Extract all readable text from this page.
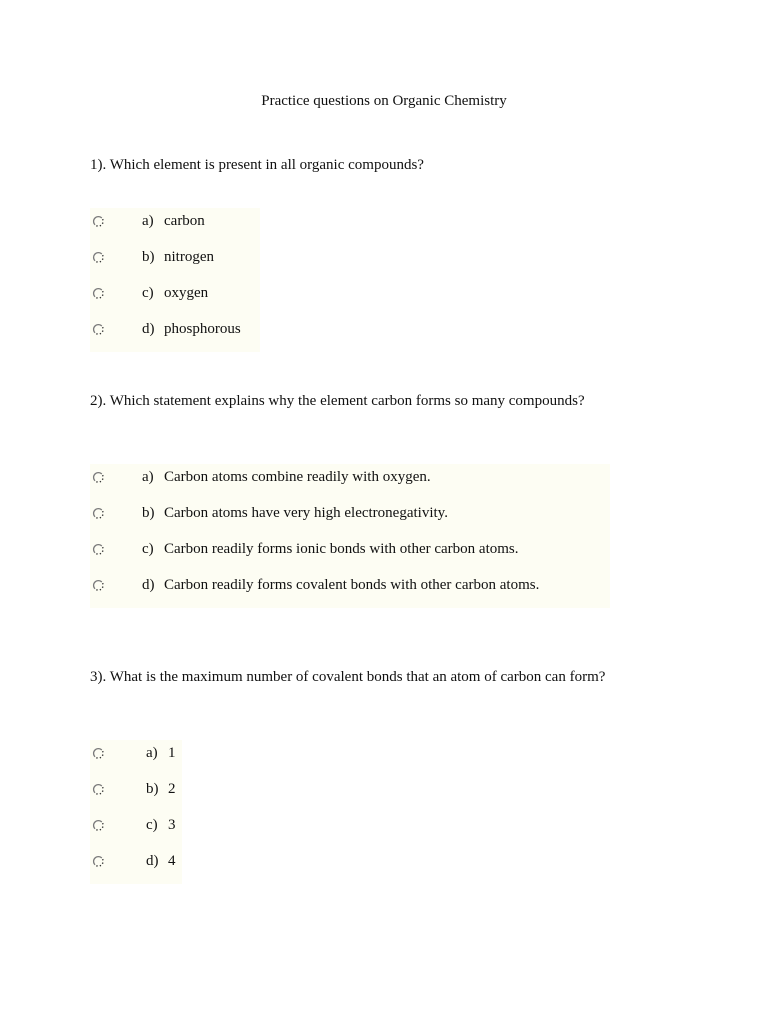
Practice questions on Organic Chemistry
1). Which element is present in all organic compounds?
a) carbon
b) nitrogen
c) oxygen
d) phosphorous
2). Which statement explains why the element carbon forms so many compounds?
a) Carbon atoms combine readily with oxygen.
b) Carbon atoms have very high electronegativity.
c) Carbon readily forms ionic bonds with other carbon atoms.
d) Carbon readily forms covalent bonds with other carbon atoms.
3). What is the maximum number of covalent bonds that an atom of carbon can form?
a) 1
b) 2
c) 3
d) 4
